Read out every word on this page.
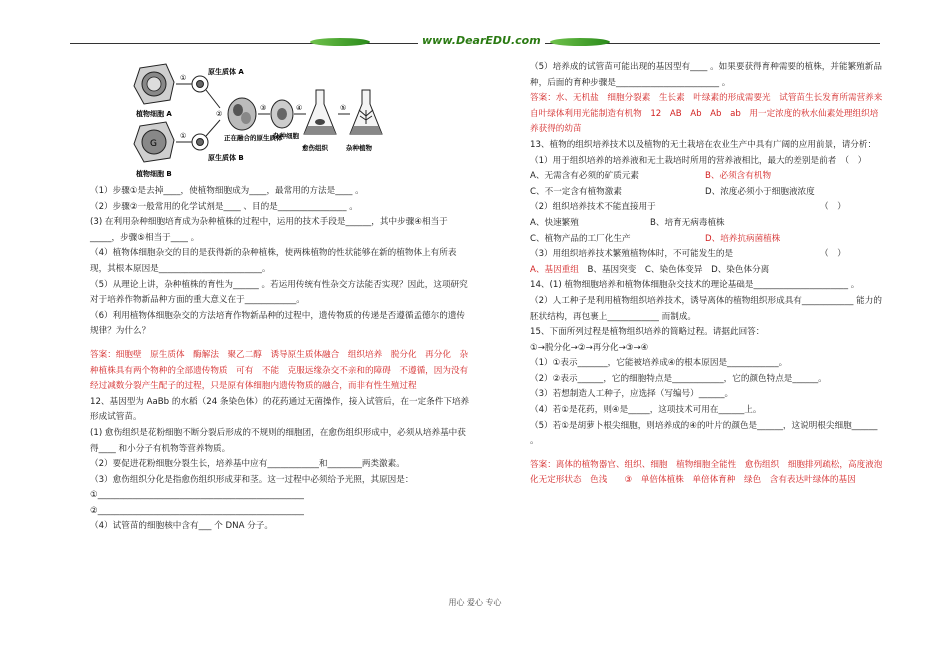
www.DearEDU.com
植物细胞 A
G
植物细胞 B
①
①
原生质体 A
原生质体 B
②
正在融合的原生质体
③
杂种细胞
④
愈伤组织
⑤
杂种植物

（1）步骤①是去掉____，使植物细胞成为____，最常用的方法是____ 。

（2）步骤②一般常用的化学试剂是____ 、目的是________________ 。

(3) 在利用杂种细胞培育成为杂种植株的过程中，运用的技术手段是______，其中步骤④相当于_____，步骤⑤相当于____ 。

（4）植物体细胞杂交的目的是获得新的杂种植株，使两株植物的性状能够在新的植物体上有所表现，其根本原因是________________________。

（5）从理论上讲，杂种植株的育性为______ 。若运用传统有性杂交方法能否实现？因此，这项研究对于培养作物新品种方面的重大意义在于____________。

（6）利用植物体细胞杂交的方法培育作物新品种的过程中，遗传物质的传递是否遵循孟德尔的遗传规律？为什么？

答案：细胞壁　原生质体　酶解法　聚乙二醇　诱导原生质体融合　组织培养　脱分化　再分化　杂种植株具有两个物种的全部遗传物质　可有　不能　克服远缘杂交不亲和的障碍　不遵循，因为没有经过减数分裂产生配子的过程，只是原有体细胞内遗传物质的融合，而非有性生殖过程

12、基因型为 AaBb 的水稻（24 条染色体）的花药通过无菌操作，接入试管后，在一定条件下培养形成试管苗。

(1) 愈伤组织是花粉细胞不断分裂后形成的不规则的细胞团，在愈伤组织形成中，必须从培养基中获得____ 和小分子有机物等营养物质。

（2）要促进花粉细胞分裂生长，培养基中应有____________和________两类激素。

（3）愈伤组织分化是指愈伤组织形成芽和茎。这一过程中必须给予光照，其原因是：

①________________________________________________

②________________________________________________

（4）试管苗的细胞核中含有___ 个 DNA 分子。

（5）培养成的试管苗可能出现的基因型有____ 。如果要获得育种需要的植株，并能繁殖新品种，后面的育种步骤是________________________ 。

答案：水、无机盐　细胞分裂素　生长素　叶绿素的形成需要光　试管苗生长发育所需营养来自叶绿体利用光能制造有机物　12　AB　Ab　Ab　ab　用一定浓度的秋水仙素处理组织培养获得的幼苗

13、植物的组织培养技术以及植物的无土栽培在农业生产中具有广阔的应用前景，请分析：

（1）用于组织培养的培养液和无土栽培时所用的营养液相比，最大的差别是前者　（　）

A、无需含有必须的矿质元素	B、必须含有机物

C、不一定含有植物激素	D、浓度必须小于细胞液浓度

（2）组织培养技术不能直接用于	（　）

A、快速繁殖	B、培育无病毒植株

C、植物产品的工厂化生产	D、培养抗病菌植株

（3）用组织培养技术繁殖植物体时，不可能发生的是	（　）

A、基因重组　 B、基因突变　C、染色体变异　D、染色体分离

14、(1) 植物细胞培养和植物体细胞杂交技术的理论基础是______________________ 。

（2）人工种子是利用植物组织培养技术，诱导离体的植物组织形成具有____________ 能力的胚状结构，再包裹上____________ 而制成。

15、下面所列过程是植物组织培养的简略过程。请据此回答：

①→脱分化→②→再分化→③→④

（1）①表示_______，它能被培养成④的根本原因是____________。

（2）②表示______，它的细胞特点是____________，它的颜色特点是______。

（3）若想制造人工种子，应选择（写编号）______。

（4）若①是花药，则④是_____，这项技术可用在______上。

（5）若①是胡萝卜根尖细胞，则培养成的④的叶片的颜色是______，这说明根尖细胞______ 。

答案：离体的植物器官、组织、细胞　植物细胞全能性　愈伤组织　细胞排列疏松，高度液泡化无定形状态　色浅　　③　单倍体植株　单倍体育种　绿色　含有表达叶绿体的基因

用心 爱心 专心
